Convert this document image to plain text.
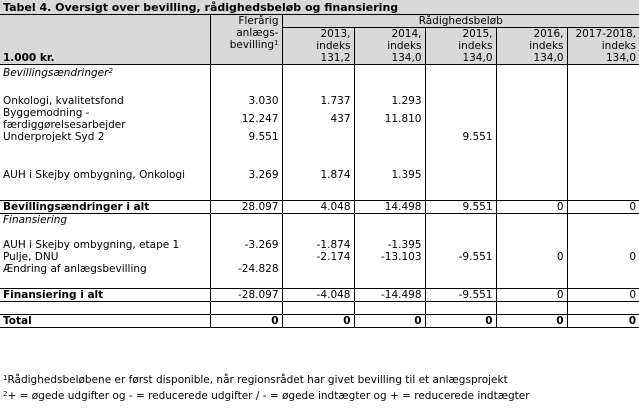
Tabel 4. Oversigt over bevilling, rådighedsbeløb og finansiering
1.000 kr.	Flerårig
anlægs-
bevilling$^1$	Rådighedsbeløb				
		2013,	2014,	2015,	2016,	2017-2018,
		indeks	indeks	indeks	indeks	indeks
		131,2	134,0	134,0	134,0	134,0
Bevillingsændringer$^2$						

Onkologi, kvalitetsfond	3.030	1.737	1.293			

Byggemodning -
færdiggørelsesarbejder	12.247	437	11.810			
Underprojekt Syd 2	9.551			9.551		

AUH i Skejby ombygning, Onkologi	3.269	1.874	1.395			

Bevillingsændringer i alt	28.097	4.048	14.498	9.551	0	0
Finansiering						

AUH i Skejby ombygning, etape 1	-3.269	-1.874	-1.395			
Pulje, DNU		-2.174	-13.103	-9.551	0	0
Ændring af anlægsbevilling	-24.828					

Finansiering i alt	-28.097	-4.048	-14.498	-9.551	0	0

Total	0	0	0	0	0	0
$^1$Rådighedsbeløbene er først disponible, når regionsrådet har givet bevilling til et anlægsprojekt
$^2$+ = øgede udgifter og - = reducerede udgifter / - = øgede indtægter og + = reducerede indtægter
